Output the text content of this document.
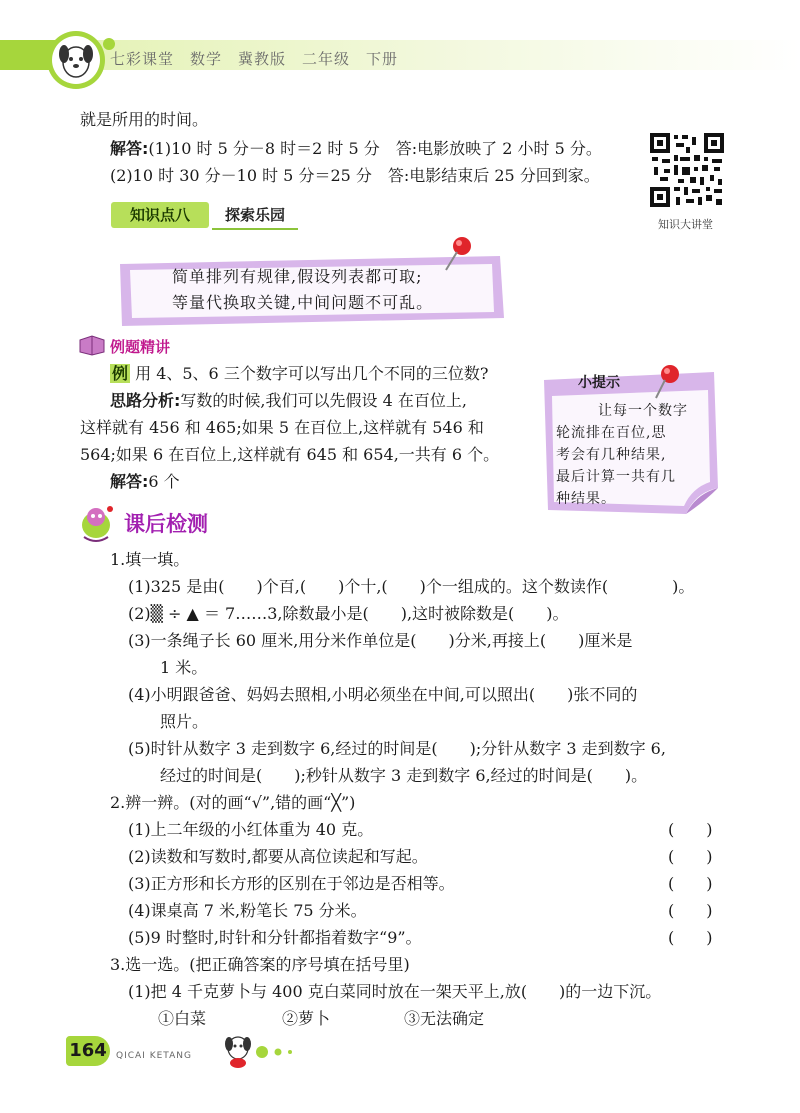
七彩课堂　数学　冀教版　二年级　下册
就是所用的时间。
解答:(1)10 时 5 分－8 时＝2 时 5 分　答:电影放映了 2 小时 5 分。
(2)10 时 30 分－10 时 5 分＝25 分　答:电影结束后 25 分回到家。
知识大讲堂
知识点八	探索乐园
简单排列有规律,假设列表都可取;
等量代换取关键,中间问题不可乱。
例题精讲
例 用 4、5、6 三个数字可以写出几个不同的三位数?
思路分析:写数的时候,我们可以先假设 4 在百位上,
这样就有 456 和 465;如果 5 在百位上,这样就有 546 和
564;如果 6 在百位上,这样就有 645 和 654,一共有 6 个。
解答:6 个
小提示
让每一个数字
轮流排在百位,思
考会有几种结果,
最后计算一共有几
种结果。
课后检测
1.填一填。
(1)325 是由(　　)个百,(　　)个十,(　　)个一组成的。这个数读作(　　　　)。
(2)▒ ÷ ▲ ＝ 7……3,除数最小是(　　),这时被除数是(　　)。
(3)一条绳子长 60 厘米,用分米作单位是(　　)分米,再接上(　　)厘米是
　　1 米。
(4)小明跟爸爸、妈妈去照相,小明必须坐在中间,可以照出(　　)张不同的
　　照片。
(5)时针从数字 3 走到数字 6,经过的时间是(　　);分针从数字 3 走到数字 6,
　　经过的时间是(　　);秒针从数字 3 走到数字 6,经过的时间是(　　)。
2.辨一辨。(对的画“√”,错的画“╳”)
(1)上二年级的小红体重为 40 克。	(　　)
(2)读数和写数时,都要从高位读起和写起。	(　　)
(3)正方形和长方形的区别在于邻边是否相等。	(　　)
(4)课桌高 7 米,粉笔长 75 分米。	(　　)
(5)9 时整时,时针和分针都指着数字“9”。	(　　)
3.选一选。(把正确答案的序号填在括号里)
(1)把 4 千克萝卜与 400 克白菜同时放在一架天平上,放(　　)的一边下沉。
①白菜	②萝卜	③无法确定
164	QICAI KETANG
